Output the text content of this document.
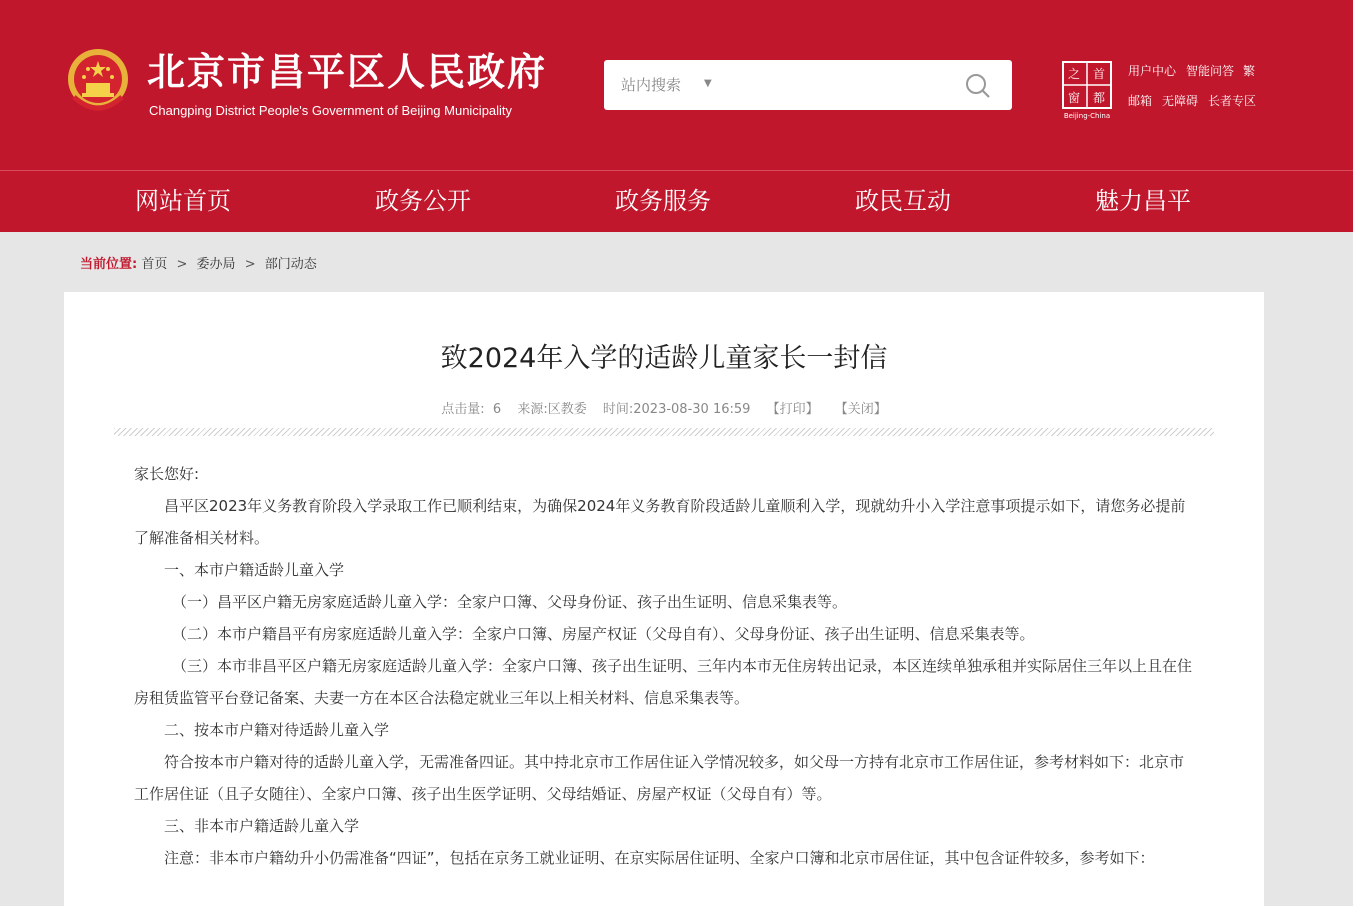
北京市昌平区人民政府
Changping District People's Government of Beijing Municipality
站内搜索 ▼
之 首
窗 都
Beijing-China
用户中心 智能问答 繁
邮箱 无障碍 长者专区
网站首页	政务公开	政务服务	政民互动	魅力昌平
当前位置: 首页 > 委办局 > 部门动态
致2024年入学的适龄儿童家长一封信
点击量: 6 来源:区教委 时间:2023-08-30 16:59 【打印】 【关闭】

家长您好:

昌平区2023年义务教育阶段入学录取工作已顺利结束，为确保2024年义务教育阶段适龄儿童顺利入学，现就幼升小入学注意事项提示如下，请您务必提前了解准备相关材料。

一、本市户籍适龄儿童入学

（一）昌平区户籍无房家庭适龄儿童入学：全家户口簿、父母身份证、孩子出生证明、信息采集表等。

（二）本市户籍昌平有房家庭适龄儿童入学：全家户口簿、房屋产权证（父母自有）、父母身份证、孩子出生证明、信息采集表等。

（三）本市非昌平区户籍无房家庭适龄儿童入学：全家户口簿、孩子出生证明、三年内本市无住房转出记录，本区连续单独承租并实际居住三年以上且在住房租赁监管平台登记备案、夫妻一方在本区合法稳定就业三年以上相关材料、信息采集表等。

二、按本市户籍对待适龄儿童入学

符合按本市户籍对待的适龄儿童入学，无需准备四证。其中持北京市工作居住证入学情况较多，如父母一方持有北京市工作居住证，参考材料如下：北京市工作居住证（且子女随往）、全家户口簿、孩子出生医学证明、父母结婚证、房屋产权证（父母自有）等。

三、非本市户籍适龄儿童入学

注意：非本市户籍幼升小仍需准备“四证”，包括在京务工就业证明、在京实际居住证明、全家户口簿和北京市居住证，其中包含证件较多，参考如下：
